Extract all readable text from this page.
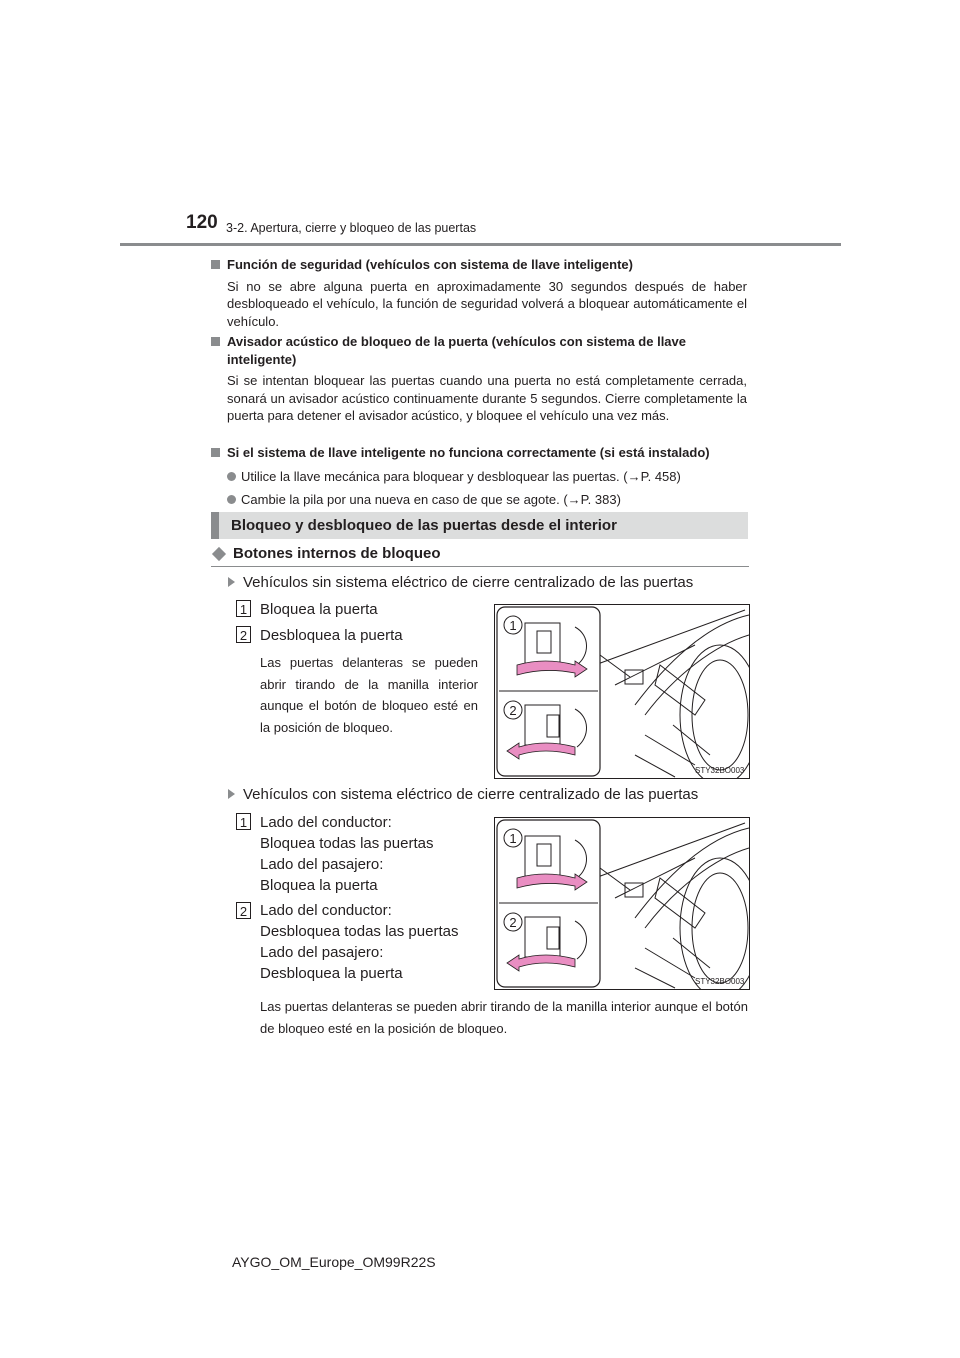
120 3-2. Apertura, cierre y bloqueo de las puertas
Función de seguridad (vehículos con sistema de llave inteligente)
Si no se abre alguna puerta en aproximadamente 30 segundos después de haber desbloqueado el vehículo, la función de seguridad volverá a bloquear automáticamente el vehículo.
Avisador acústico de bloqueo de la puerta (vehículos con sistema de llave inteligente)
Si se intentan bloquear las puertas cuando una puerta no está completamente cerrada, sonará un avisador acústico continuamente durante 5 segundos. Cierre completamente la puerta para detener el avisador acústico, y bloquee el vehículo una vez más.
Si el sistema de llave inteligente no funciona correctamente (si está instalado)
Utilice la llave mecánica para bloquear y desbloquear las puertas. (→P. 458)
Cambie la pila por una nueva en caso de que se agote. (→P. 383)
Bloqueo y desbloqueo de las puertas desde el interior
Botones internos de bloqueo
Vehículos sin sistema eléctrico de cierre centralizado de las puertas
1 Bloquea la puerta
2 Desbloquea la puerta
Las puertas delanteras se pueden abrir tirando de la manilla interior aunque el botón de bloqueo esté en la posición de bloqueo.
1
2
STY32BO003
Vehículos con sistema eléctrico de cierre centralizado de las puertas
1 Lado del conductor:
Bloquea todas las puertas
Lado del pasajero:
Bloquea la puerta
2 Lado del conductor:
Desbloquea todas las puertas
Lado del pasajero:
Desbloquea la puerta
1
2
STY32BO003
Las puertas delanteras se pueden abrir tirando de la manilla interior aunque el botón de bloqueo esté en la posición de bloqueo.
AYGO_OM_Europe_OM99R22S
